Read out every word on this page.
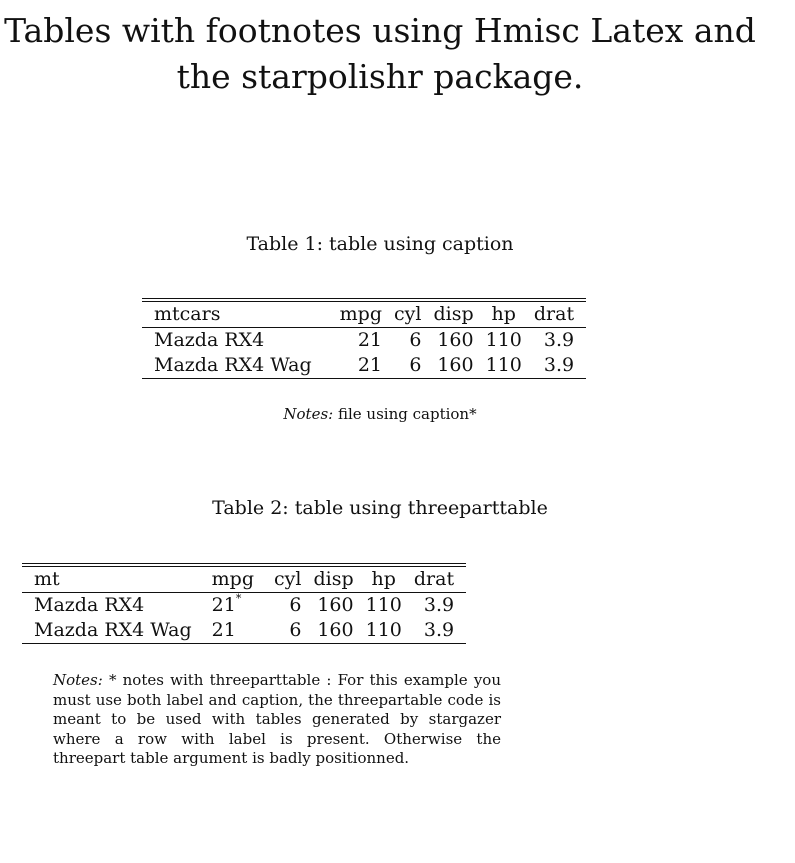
Tables with footnotes using Hmisc Latex and the starpolishr package.
Table 1: table using caption
mtcars	mpg	cyl	disp	hp	drat
Mazda RX4	21	6	160	110	3.9
Mazda RX4 Wag	21	6	160	110	3.9
Notes: file using caption*
Table 2: table using threeparttable
mt	mpg	cyl	disp	hp	drat
Mazda RX4	21*	6	160	110	3.9
Mazda RX4 Wag	21	6	160	110	3.9
Notes: * notes with threeparttable : For this example you must use both label and caption, the threepartable code is meant to be used with tables generated by stargazer where a row with label is present. Otherwise the threepart table argument is badly positionned.
